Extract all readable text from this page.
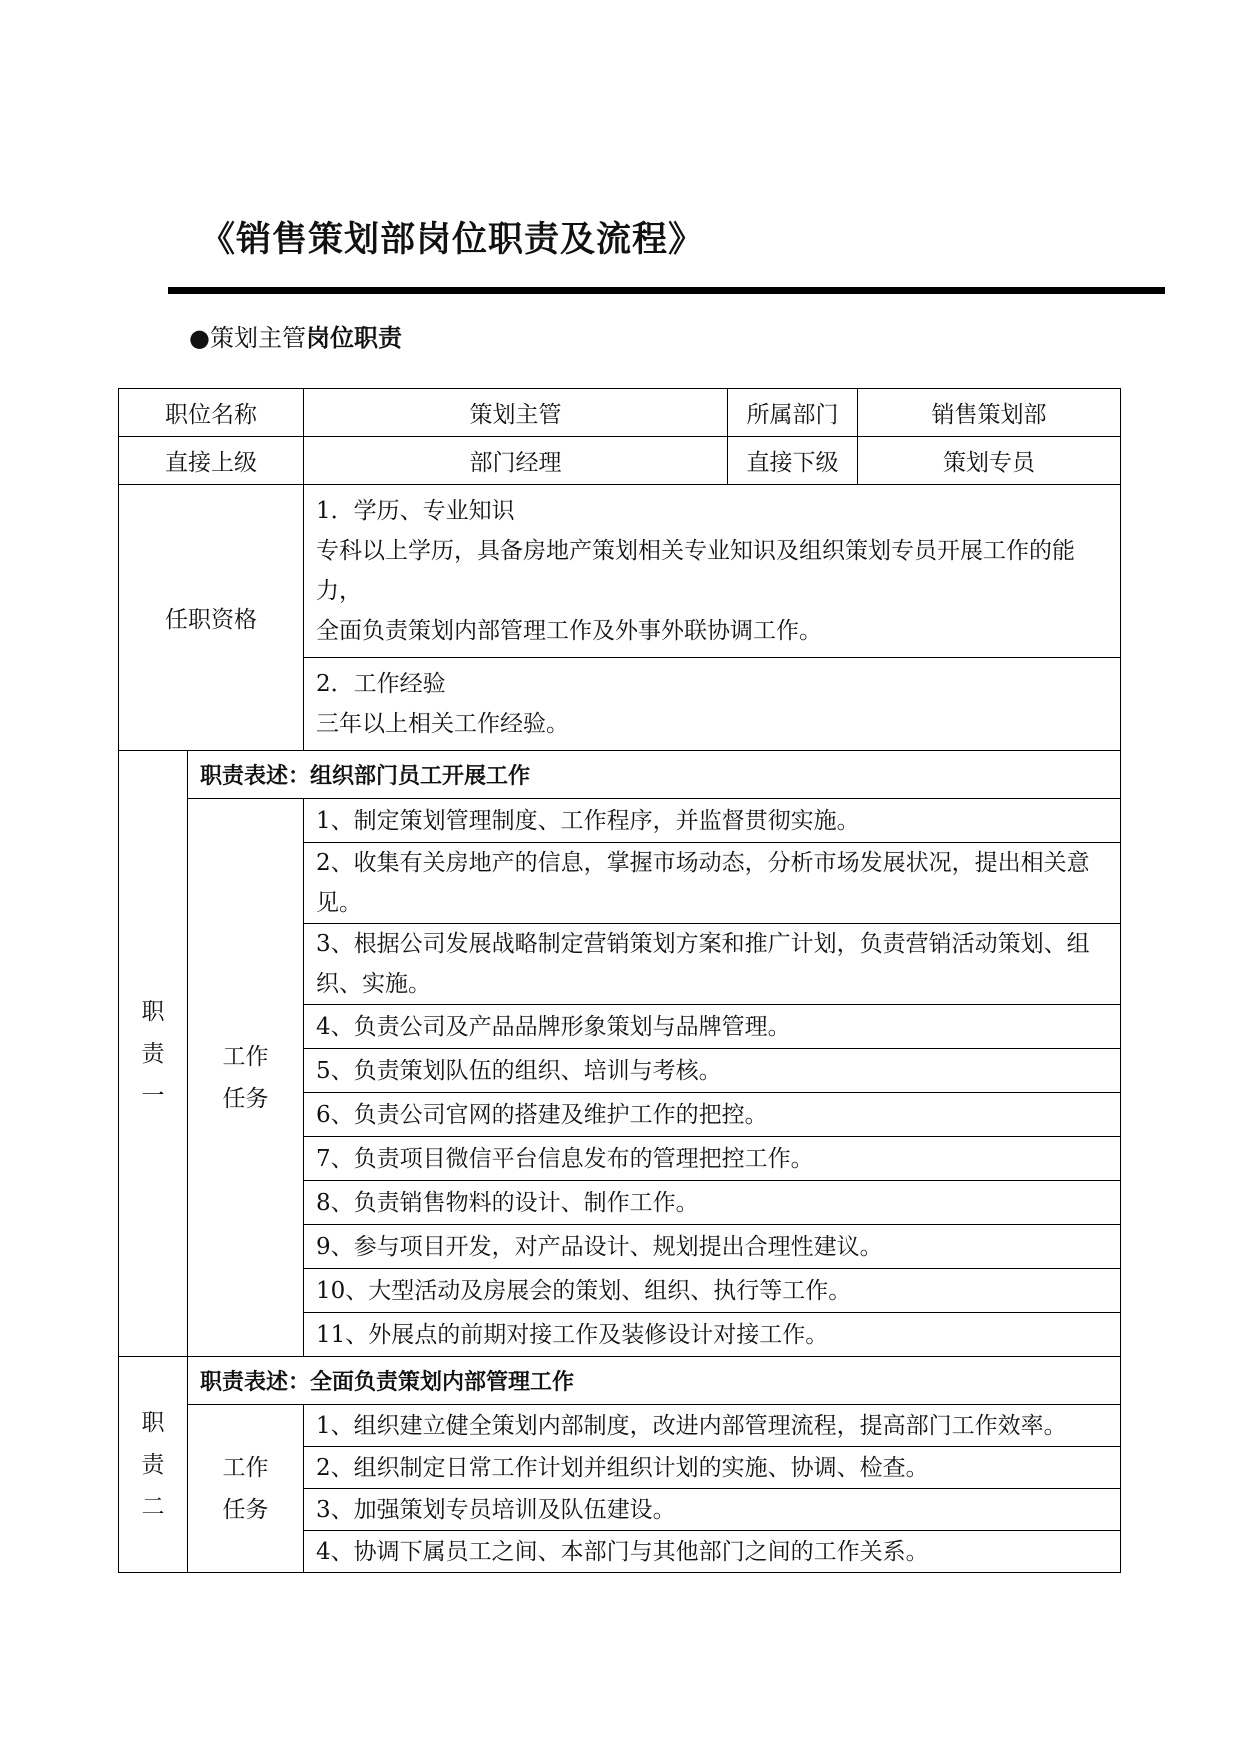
《销售策划部岗位职责及流程》
●策划主管岗位职责
职位名称		策划主管	所属部门	销售策划部
直接上级		部门经理	直接下级	策划专员
任职资格		1．学历、专业知识
专科以上学历，具备房地产策划相关专业知识及组织策划专员开展工作的能力，
全面负责策划内部管理工作及外事外联协调工作。		

		2．工作经验
三年以上相关工作经验。		

职
责
一	职责表述：组织部门员工开展工作			

	工作
任务	1、制定策划管理制度、工作程序，并监督贯彻实施。		
		2、收集有关房地产的信息，掌握市场动态，分析市场发展状况，提出相关意见。		
		3、根据公司发展战略制定营销策划方案和推广计划，负责营销活动策划、组织、实施。		
		4、负责公司及产品品牌形象策划与品牌管理。		
		5、负责策划队伍的组织、培训与考核。		
		6、负责公司官网的搭建及维护工作的把控。		
		7、负责项目微信平台信息发布的管理把控工作。		
		8、负责销售物料的设计、制作工作。		
		9、参与项目开发，对产品设计、规划提出合理性建议。		
		10、大型活动及房展会的策划、组织、执行等工作。		
		11、外展点的前期对接工作及装修设计对接工作。		

职
责
二	职责表述：全面负责策划内部管理工作			

	工作
任务	1、组织建立健全策划内部制度，改进内部管理流程，提高部门工作效率。		
		2、组织制定日常工作计划并组织计划的实施、协调、检查。		
		3、加强策划专员培训及队伍建设。		
		4、协调下属员工之间、本部门与其他部门之间的工作关系。		
